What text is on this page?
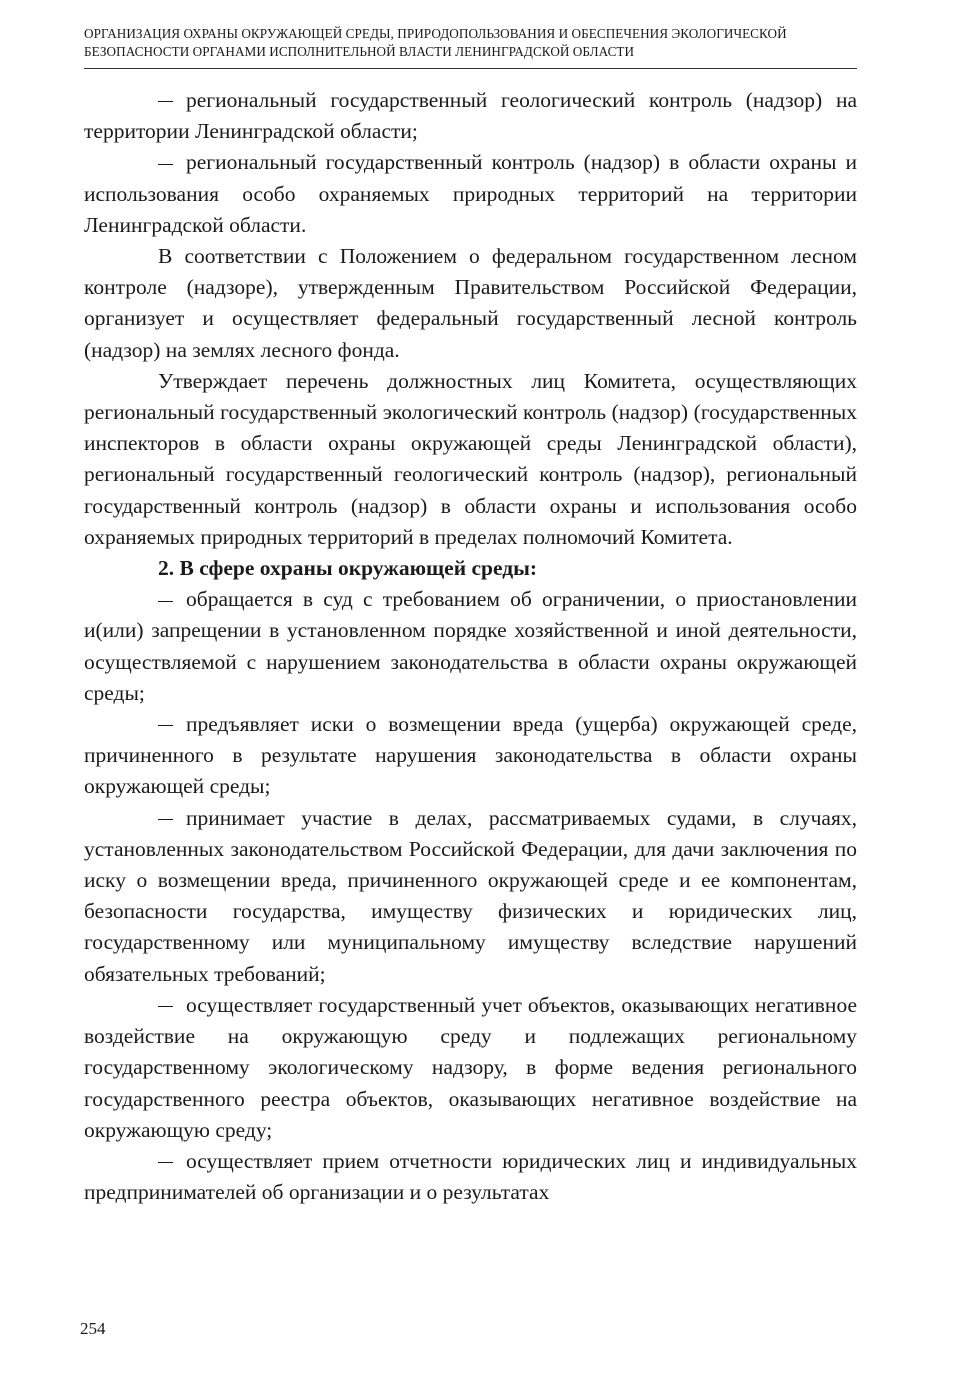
ОРГАНИЗАЦИЯ ОХРАНЫ ОКРУЖАЮЩЕЙ СРЕДЫ, ПРИРОДОПОЛЬЗОВАНИЯ И ОБЕСПЕЧЕНИЯ ЭКОЛОГИЧЕСКОЙ
БЕЗОПАСНОСТИ ОРГАНАМИ ИСПОЛНИТЕЛЬНОЙ ВЛАСТИ ЛЕНИНГРАДСКОЙ ОБЛАСТИ

региональный государственный геологический контроль (надзор) на территории Ленинградской области;

региональный государственный контроль (надзор) в области охраны и использования особо охраняемых природных территорий на территории Ленинградской области.

В соответствии с Положением о федеральном государственном лесном контроле (надзоре), утвержденным Правительством Российской Федерации, организует и осуществляет федеральный государственный лесной контроль (надзор) на землях лесного фонда.

Утверждает перечень должностных лиц Комитета, осуществляющих региональный государственный экологический контроль (надзор) (государственных инспекторов в области охраны окружающей среды Ленинградской области), региональный государственный геологический контроль (надзор), региональный государственный контроль (надзор) в области охраны и использования особо охраняемых природных территорий в пределах полномочий Комитета.

2. В сфере охраны окружающей среды:

обращается в суд с требованием об ограничении, о приостановлении и(или) запрещении в установленном порядке хозяйственной и иной деятельности, осуществляемой с нарушением законодательства в области охраны окружающей среды;

предъявляет иски о возмещении вреда (ущерба) окружающей среде, причиненного в результате нарушения законодательства в области охраны окружающей среды;

принимает участие в делах, рассматриваемых судами, в случаях, установленных законодательством Российской Федерации, для дачи заключения по иску о возмещении вреда, причиненного окружающей среде и ее компонентам, безопасности государства, имуществу физических и юридических лиц, государственному или муниципальному имуществу вследствие нарушений обязательных требований;

осуществляет государственный учет объектов, оказывающих негативное воздействие на окружающую среду и подлежащих региональному государственному экологическому надзору, в форме ведения регионального государственного реестра объектов, оказывающих негативное воздействие на окружающую среду;

осуществляет прием отчетности юридических лиц и индивидуальных предпринимателей об организации и о результатах

254
